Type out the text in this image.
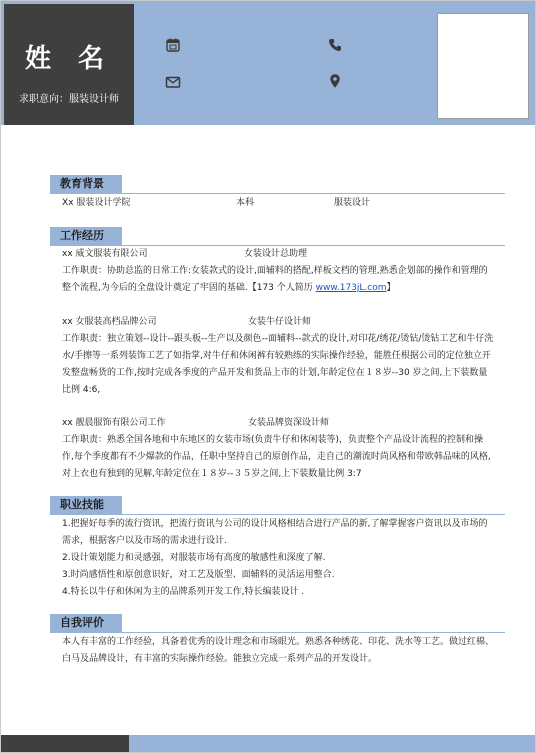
姓 名
求职意向：服装设计师
教育背景
Xx 服装设计学院	本科	服装设计
工作经历
xx 威文服装有限公司	女装设计总助理
工作职责：协助总监的日常工作:女装款式的设计,面辅料的搭配,样板文档的管理,熟悉企划部的操作和管理的整个流程,为今后的全盘设计奠定了牢固的基础.【173 个人简历 www.173jL.com】
xx 女服装高档品牌公司	女装牛仔设计师
工作职责：独立策划--设计--跟头板--生产以及颜色--面辅料--款式的设计,对印花/绣花/烫钻/烫钻工艺和牛仔洗水/手擦等一系列装饰工艺了如指掌,对牛仔和休闲裤有较熟练的实际操作经验，能胜任根据公司的定位独立开发整盘畅货的工作,按时完成各季度的产品开发和货品上市的计划,年龄定位在１８岁--30 岁之间,上下装数量比例 4:6,
xx 靓晨服饰有限公司工作	女装品牌资深设计师
工作职责：熟悉全国各地和中东地区的女装市场(负责牛仔和休闲装等)，负责整个产品设计流程的控制和操作,每个季度都有不少爆款的作品，任职中坚持自己的原创作品，走自己的潮流时尚风格和带欧韩品味的风格,对上衣也有独到的见解,年龄定位在１８岁--３５岁之间,上下装数量比例 3:7
职业技能
1.把握好每季的流行资讯，把流行资讯与公司的设计风格相结合进行产品的新,了解掌握客户资讯以及市场的需求，根据客户以及市场的需求进行设计.
2.设计策划能力和灵感强，对服装市场有高度的敏感性和深度了解.
3.时尚感悟性和原创意识好，对工艺及版型、面辅料的灵活运用整合.
4.特长以牛仔和休闲为主的品牌系列开发工作,特长编装设计 .
自我评价
本人有丰富的工作经验，具备着优秀的设计理念和市场眼光。熟悉各种绣花、印花、洗水等工艺。做过红棉、白马及品牌设计，有丰富的实际操作经验。能独立完成一系列产品的开发设计。
